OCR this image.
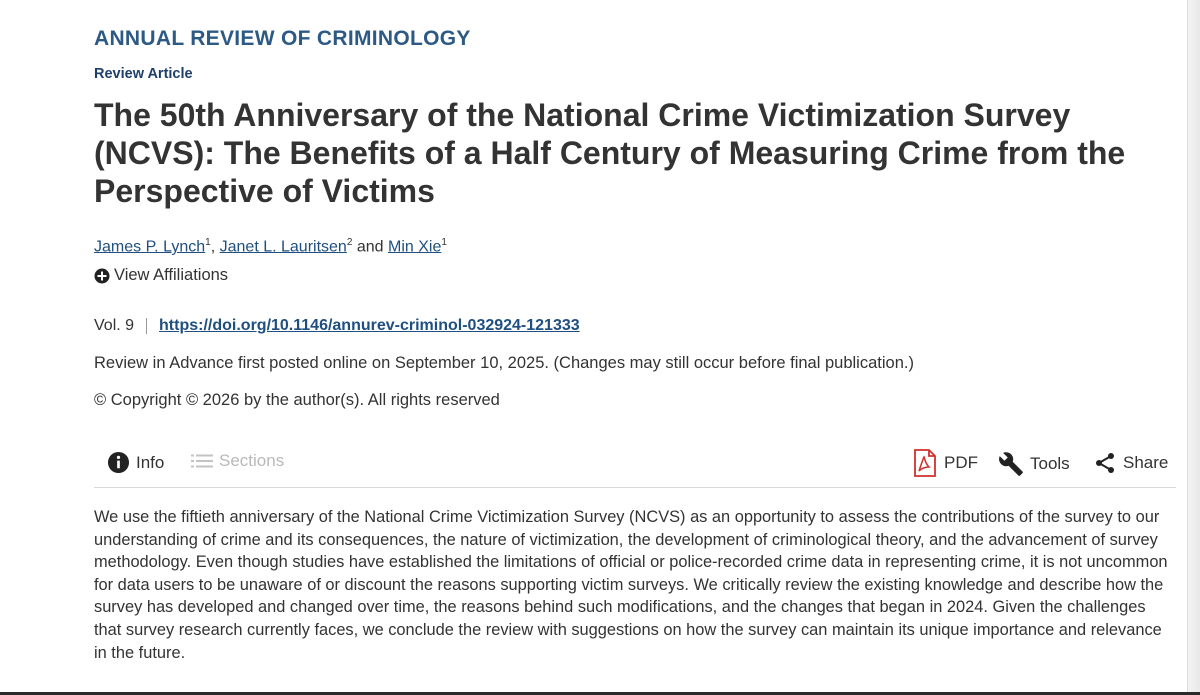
ANNUAL REVIEW OF CRIMINOLOGY
Review Article
The 50th Anniversary of the National Crime Victimization Survey (NCVS): The Benefits of a Half Century of Measuring Crime from the Perspective of Victims
James P. Lynch$^1$, Janet L. Lauritsen$^2$ and Min Xie$^1$
View Affiliations
Vol. 9 https://doi.org/10.1146/annurev-criminol-032924-121333
Review in Advance first posted online on September 10, 2025. (Changes may still occur before final publication.)
© Copyright © 2026 by the author(s). All rights reserved
Info	Sections	PDF	Tools	Share

We use the fiftieth anniversary of the National Crime Victimization Survey (NCVS) as an opportunity to assess the contributions of the survey to our understanding of crime and its consequences, the nature of victimization, the development of criminological theory, and the advancement of survey methodology. Even though studies have established the limitations of official or police-recorded crime data in representing crime, it is not uncommon for data users to be unaware of or discount the reasons supporting victim surveys. We critically review the existing knowledge and describe how the survey has developed and changed over time, the reasons behind such modifications, and the changes that began in 2024. Given the challenges that survey research currently faces, we conclude the review with suggestions on how the survey can maintain its unique importance and relevance in the future.
